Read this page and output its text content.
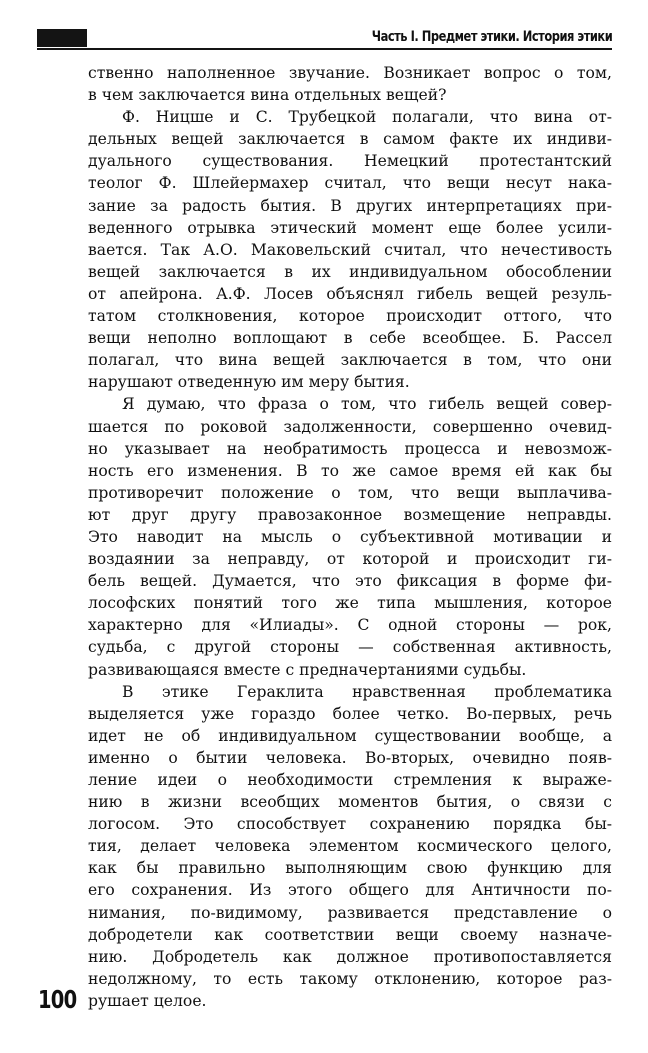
Часть I. Предмет этики. История этики
ственно наполненное звучание. Возникает вопрос о том,
в чем заключается вина отдельных вещей?
Ф. Ницше и С. Трубецкой полагали, что вина от-
дельных вещей заключается в самом факте их индиви-
дуального существования. Немецкий протестантский
теолог Ф. Шлейермахер считал, что вещи несут нака-
зание за радость бытия. В других интерпретациях при-
веденного отрывка этический момент еще более усили-
вается. Так А.О. Маковельский считал, что нечестивость
вещей заключается в их индивидуальном обособлении
от апейрона. А.Ф. Лосев объяснял гибель вещей резуль-
татом столкновения, которое происходит оттого, что
вещи неполно воплощают в себе всеобщее. Б. Рассел
полагал, что вина вещей заключается в том, что они
нарушают отведенную им меру бытия.
Я думаю, что фраза о том, что гибель вещей совер-
шается по роковой задолженности, совершенно очевид-
но указывает на необратимость процесса и невозмож-
ность его изменения. В то же самое время ей как бы
противоречит положение о том, что вещи выплачива-
ют друг другу правозаконное возмещение неправды.
Это наводит на мысль о субъективной мотивации и
воздаянии за неправду, от которой и происходит ги-
бель вещей. Думается, что это фиксация в форме фи-
лософских понятий того же типа мышления, которое
характерно для «Илиады». С одной стороны — рок,
судьба, с другой стороны — собственная активность,
развивающаяся вместе с предначертаниями судьбы.
В этике Гераклита нравственная проблематика
выделяется уже гораздо более четко. Во-первых, речь
идет не об индивидуальном существовании вообще, а
именно о бытии человека. Во-вторых, очевидно появ-
ление идеи о необходимости стремления к выраже-
нию в жизни всеобщих моментов бытия, о связи с
логосом. Это способствует сохранению порядка бы-
тия, делает человека элементом космического целого,
как бы правильно выполняющим свою функцию для
его сохранения. Из этого общего для Античности по-
нимания, по-видимому, развивается представление о
добродетели как соответствии вещи своему назначе-
нию. Добродетель как должное противопоставляется
недолжному, то есть такому отклонению, которое раз-
рушает целое.
100
